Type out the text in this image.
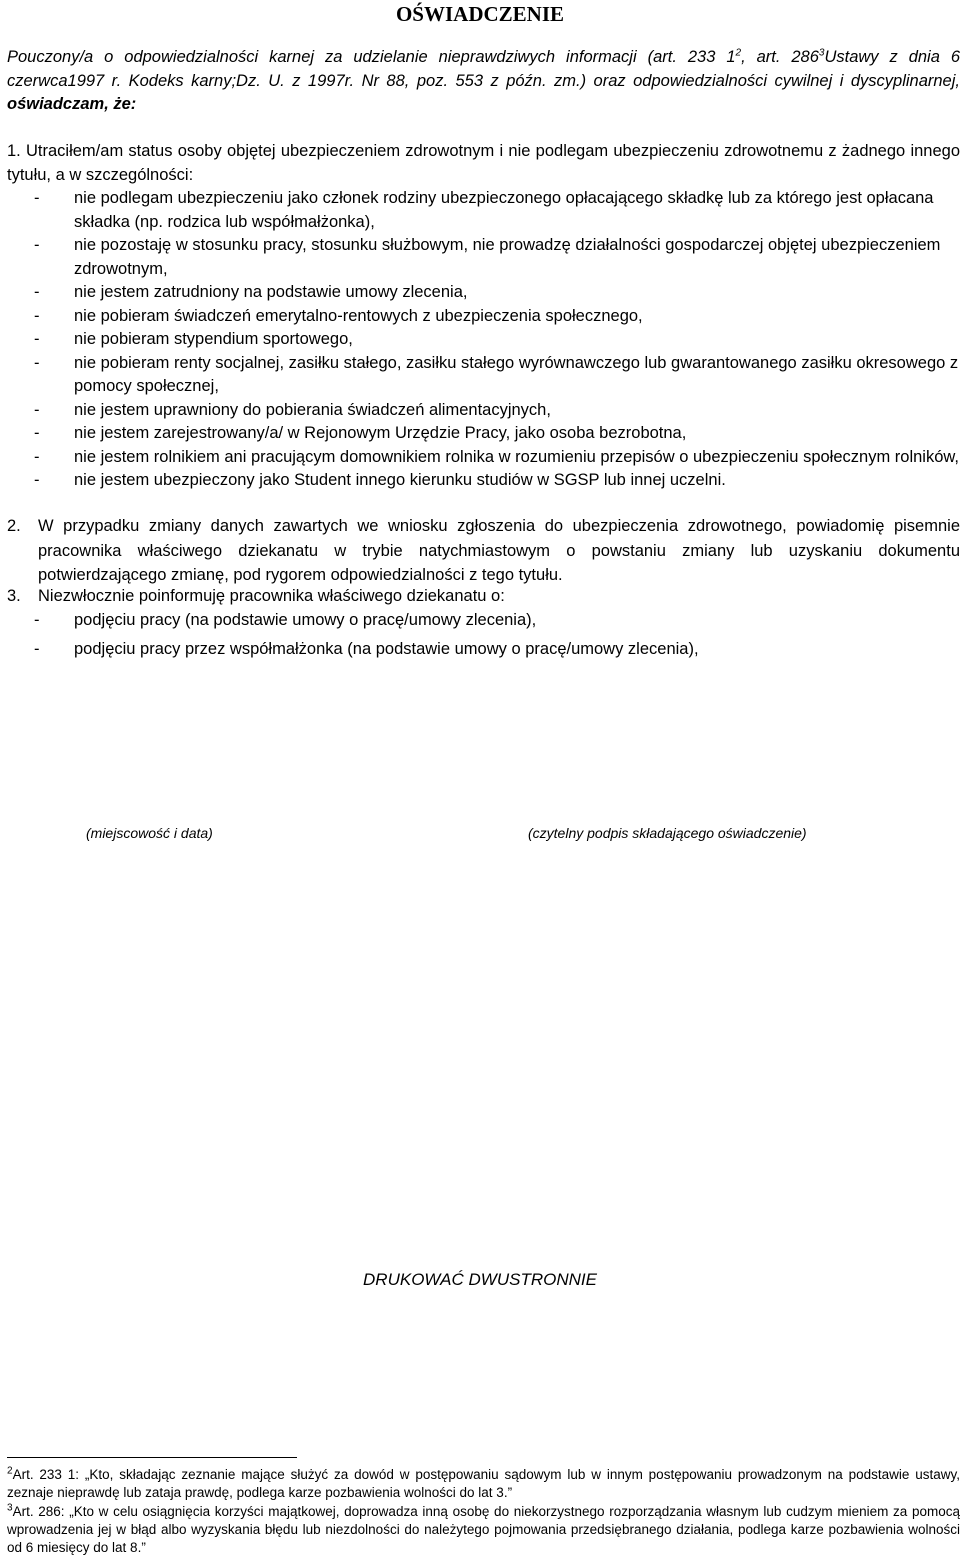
OŚWIADCZENIE
Pouczony/a o odpowiedzialności karnej za udzielanie nieprawdziwych informacji (art. 233 $1^2$, art. $286^3Ustawy$ z dnia 6 czerwca1997 r. Kodeks karny;Dz. U. z 1997r. Nr 88, poz. 553 z późn. zm.) oraz odpowiedzialności cywilnej i dyscyplinarnej, oświadczam, że:
1. Utraciłem/am status osoby objętej ubezpieczeniem zdrowotnym i nie podlegam ubezpieczeniu zdrowotnemu z żadnego innego tytułu, a w szczególności:
-	nie podlegam ubezpieczeniu jako członek rodziny ubezpieczonego opłacającego składkę lub za którego jest opłacana składka (np. rodzica lub współmałżonka),
-	nie pozostaję w stosunku pracy, stosunku służbowym, nie prowadzę działalności gospodarczej objętej ubezpieczeniem zdrowotnym,
-	nie jestem zatrudniony na podstawie umowy zlecenia,
-	nie pobieram świadczeń emerytalno-rentowych z ubezpieczenia społecznego,
-	nie pobieram stypendium sportowego,
-	nie pobieram renty socjalnej, zasiłku stałego, zasiłku stałego wyrównawczego lub gwarantowanego zasiłku okresowego z pomocy społecznej,
-	nie jestem uprawniony do pobierania świadczeń alimentacyjnych,
-	nie jestem zarejestrowany/a/ w Rejonowym Urzędzie Pracy, jako osoba bezrobotna,
-	nie jestem rolnikiem ani pracującym domownikiem rolnika w rozumieniu przepisów o ubezpieczeniu społecznym rolników,
-	nie jestem ubezpieczony jako Student innego kierunku studiów w SGSP lub innej uczelni.
2. W przypadku zmiany danych zawartych we wniosku zgłoszenia do ubezpieczenia zdrowotnego, powiadomię pisemnie pracownika właściwego dziekanatu w trybie natychmiastowym o powstaniu zmiany lub uzyskaniu dokumentu potwierdzającego zmianę, pod rygorem odpowiedzialności z tego tytułu.
3. Niezwłocznie poinformuję pracownika właściwego dziekanatu o:
-	podjęciu pracy (na podstawie umowy o pracę/umowy zlecenia),
-	podjęciu pracy przez współmałżonka (na podstawie umowy o pracę/umowy zlecenia),
(miejscowość i data)	(czytelny podpis składającego oświadczenie)
DRUKOWAĆ DWUSTRONNIE
$^2$Art. 233 1: „Kto, składając zeznanie mające służyć za dowód w postępowaniu sądowym lub w innym postępowaniu prowadzonym na podstawie ustawy, zeznaje nieprawdę lub zataja prawdę, podlega karze pozbawienia wolności do lat 3.”
$^3$Art. 286: „Kto w celu osiągnięcia korzyści majątkowej, doprowadza inną osobę do niekorzystnego rozporządzania własnym lub cudzym mieniem za pomocą wprowadzenia jej w błąd albo wyzyskania błędu lub niezdolności do należytego pojmowania przedsiębranego działania, podlega karze pozbawienia wolności od 6 miesięcy do lat 8.”
